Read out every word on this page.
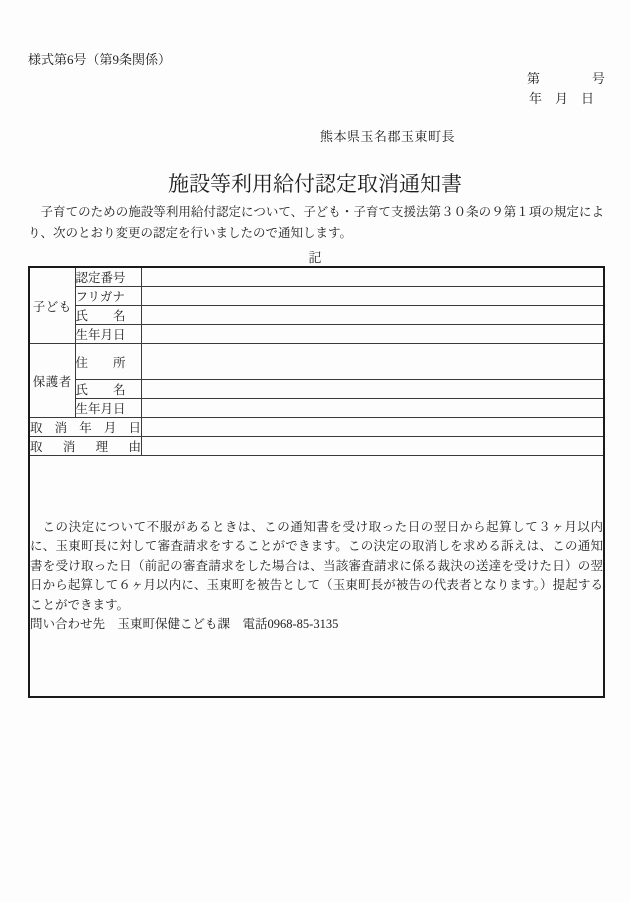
様式第6号（第9条関係）
第　　　　号
年　月　日
熊本県玉名郡玉東町長
施設等利用給付認定取消通知書

子育てのための施設等利用給付認定について、子ども・子育て支援法第３０条の９第１項の規定により、次のとおり変更の認定を行いましたので通知します。

記
子ども	認定番号	
	フリガナ	
	氏　　名	
	生年月日	
保護者	住　　所	
	氏　　名	
	生年月日	
取　消　年　月　日		
取　消　理　由		

この決定について不服があるときは、この通知書を受け取った日の翌日から起算して３ヶ月以内に、玉東町長に対して審査請求をすることができます。この決定の取消しを求める訴えは、この通知書を受け取った日（前記の審査請求をした場合は、当該審査請求に係る裁決の送達を受けた日）の翌日から起算して６ヶ月以内に、玉東町を被告として（玉東町長が被告の代表者となります。）提起することができます。

問い合わせ先　玉東町保健こども課　電話0968-85-3135		
